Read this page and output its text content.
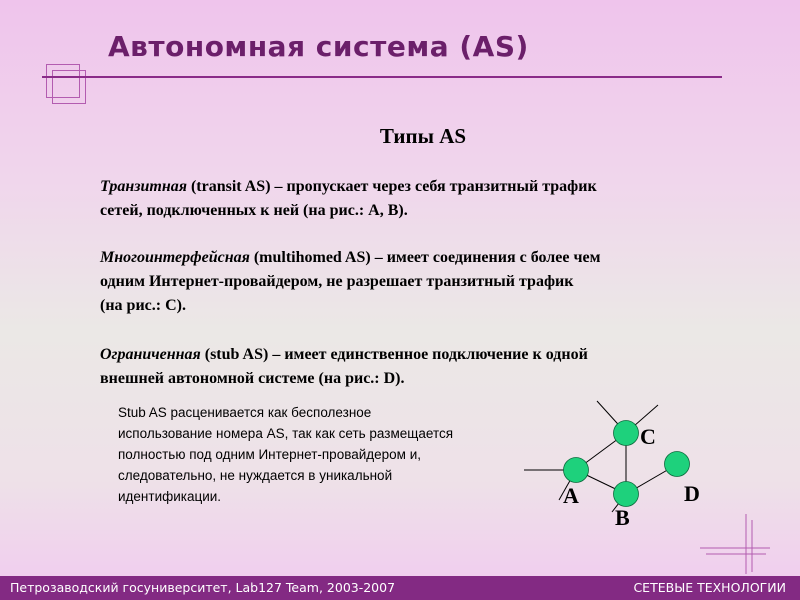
Автономная система (AS)
Типы AS
Транзитная (transit AS) – пропускает через себя транзитный трафик
сетей, подключенных к ней (на рис.: A, B).
Многоинтерфейсная (multihomed AS) – имеет соединения с более чем
одним Интернет-провайдером, не разрешает транзитный трафик
(на рис.: C).
Ограниченная (stub AS) – имеет единственное подключение к одной
внешней автономной системе (на рис.: D).
Stub AS расценивается как бесполезное
использование номера AS, так как сеть размещается
полностью под одним Интернет-провайдером и,
следовательно, не нуждается в уникальной
идентификации.
C
A
B
D
Петрозаводский госуниверситет, Lab127 Team, 2003-2007	СЕТЕВЫЕ ТЕХНОЛОГИИ
